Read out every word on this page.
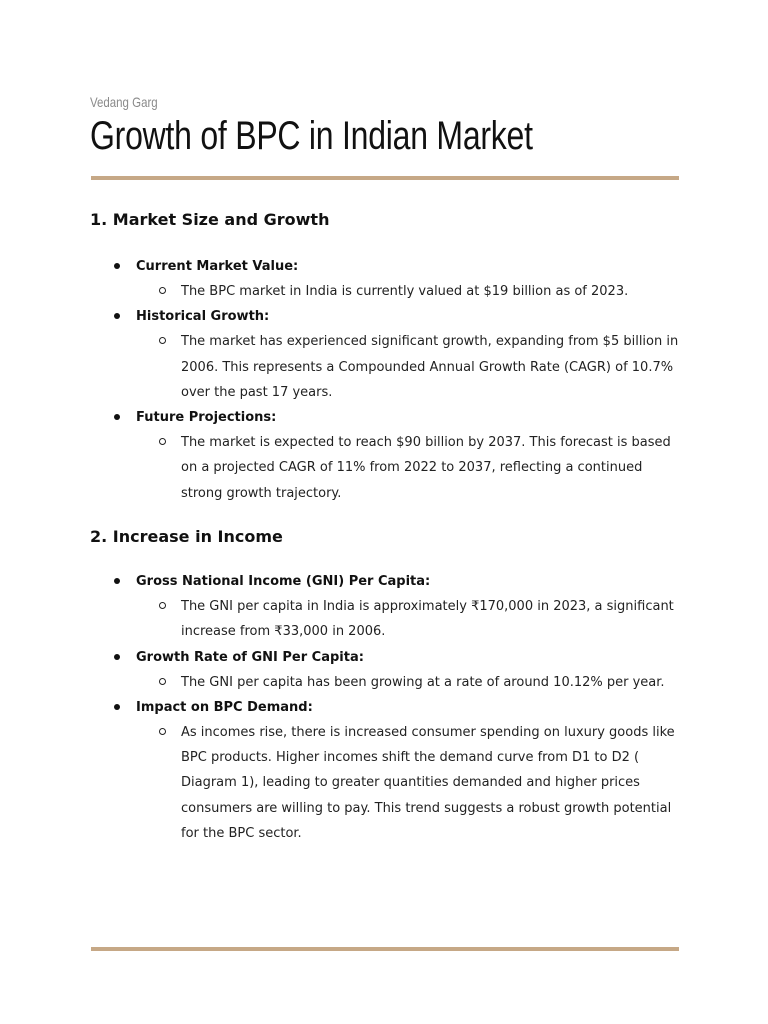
Vedang Garg
Growth of BPC in Indian Market
1. Market Size and Growth
Current Market Value:
The BPC market in India is currently valued at $19 billion as of 2023.
Historical Growth:
The market has experienced significant growth, expanding from $5 billion in 2006. This represents a Compounded Annual Growth Rate (CAGR) of 10.7% over the past 17 years.
Future Projections:
The market is expected to reach $90 billion by 2037. This forecast is based on a projected CAGR of 11% from 2022 to 2037, reflecting a continued strong growth trajectory.
2. Increase in Income
Gross National Income (GNI) Per Capita:
The GNI per capita in India is approximately ₹170,000 in 2023, a significant increase from ₹33,000 in 2006.
Growth Rate of GNI Per Capita:
The GNI per capita has been growing at a rate of around 10.12% per year.
Impact on BPC Demand:
As incomes rise, there is increased consumer spending on luxury goods like BPC products. Higher incomes shift the demand curve from D1 to D2 ( Diagram 1), leading to greater quantities demanded and higher prices consumers are willing to pay. This trend suggests a robust growth potential for the BPC sector.
